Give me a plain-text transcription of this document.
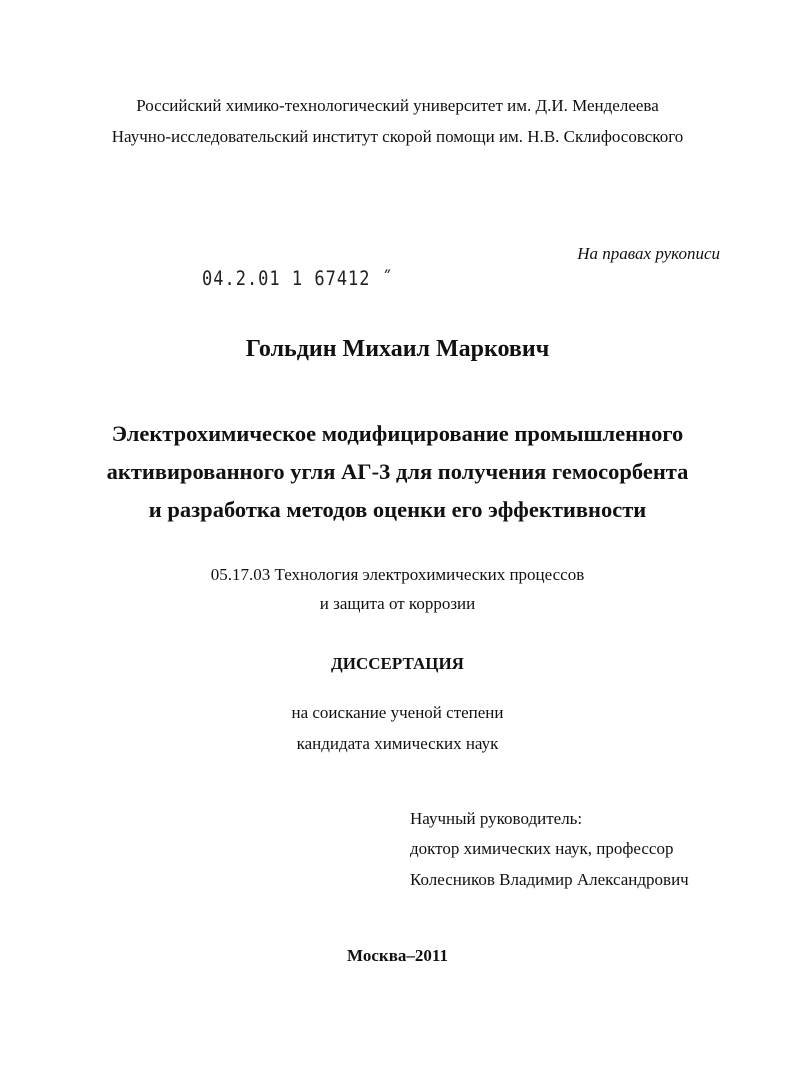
Российский химико-технологический университет им. Д.И. Менделеева
Научно-исследовательский институт скорой помощи им. Н.В. Склифосовского
На правах рукописи
04.2.01 1 67412 ˝
Гольдин Михаил Маркович
Электрохимическое модифицирование промышленного
активированного угля АГ-3 для получения гемосорбента
и разработка методов оценки его эффективности
05.17.03 Технология электрохимических процессов
и защита от коррозии
ДИССЕРТАЦИЯ
на соискание ученой степени
кандидата химических наук
Научный руководитель:
доктор химических наук, профессор
Колесников Владимир Александрович
Москва–2011
